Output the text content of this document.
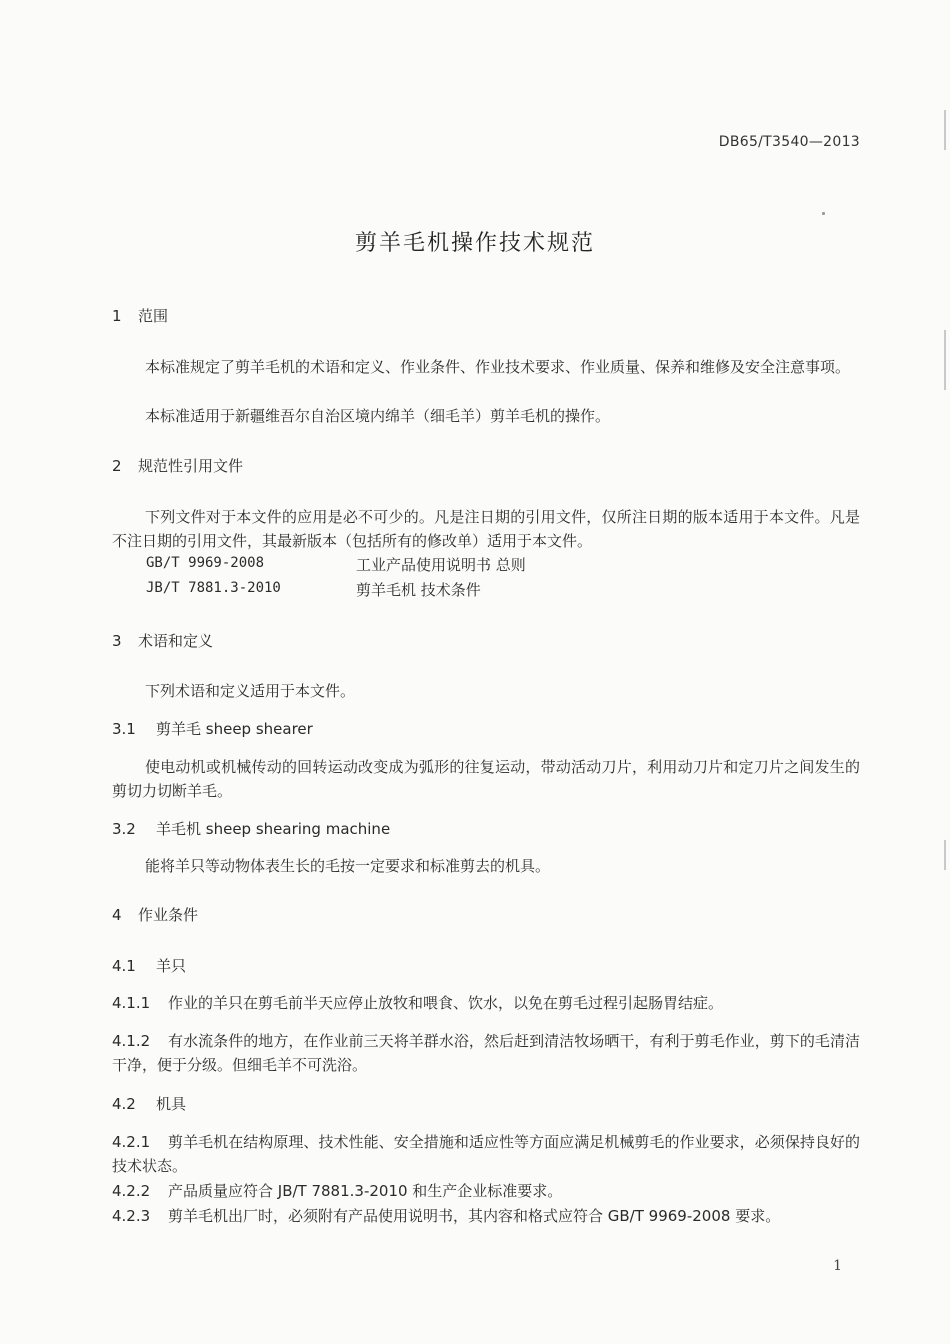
DB65/T3540—2013
剪羊毛机操作技术规范
1 范围
本标准规定了剪羊毛机的术语和定义、作业条件、作业技术要求、作业质量、保养和维修及安全注意事项。
本标准适用于新疆维吾尔自治区境内绵羊（细毛羊）剪羊毛机的操作。
2 规范性引用文件
下列文件对于本文件的应用是必不可少的。凡是注日期的引用文件，仅所注日期的版本适用于本文件。凡是不注日期的引用文件，其最新版本（包括所有的修改单）适用于本文件。
GB/T 9969-2008	工业产品使用说明书 总则
JB/T 7881.3-2010	剪羊毛机 技术条件
3 术语和定义
下列术语和定义适用于本文件。
3.1 剪羊毛 sheep shearer
使电动机或机械传动的回转运动改变成为弧形的往复运动，带动活动刀片，利用动刀片和定刀片之间发生的剪切力切断羊毛。
3.2 羊毛机 sheep shearing machine
能将羊只等动物体表生长的毛按一定要求和标准剪去的机具。
4 作业条件
4.1 羊只
4.1.1 作业的羊只在剪毛前半天应停止放牧和喂食、饮水，以免在剪毛过程引起肠胃结症。
4.1.2 有水流条件的地方，在作业前三天将羊群水浴，然后赶到清洁牧场晒干，有利于剪毛作业，剪下的毛清洁干净，便于分级。但细毛羊不可洗浴。
4.2 机具
4.2.1 剪羊毛机在结构原理、技术性能、安全措施和适应性等方面应满足机械剪毛的作业要求，必须保持良好的技术状态。
4.2.2 产品质量应符合 JB/T 7881.3-2010 和生产企业标准要求。
4.2.3 剪羊毛机出厂时，必须附有产品使用说明书，其内容和格式应符合 GB/T 9969-2008 要求。
1
